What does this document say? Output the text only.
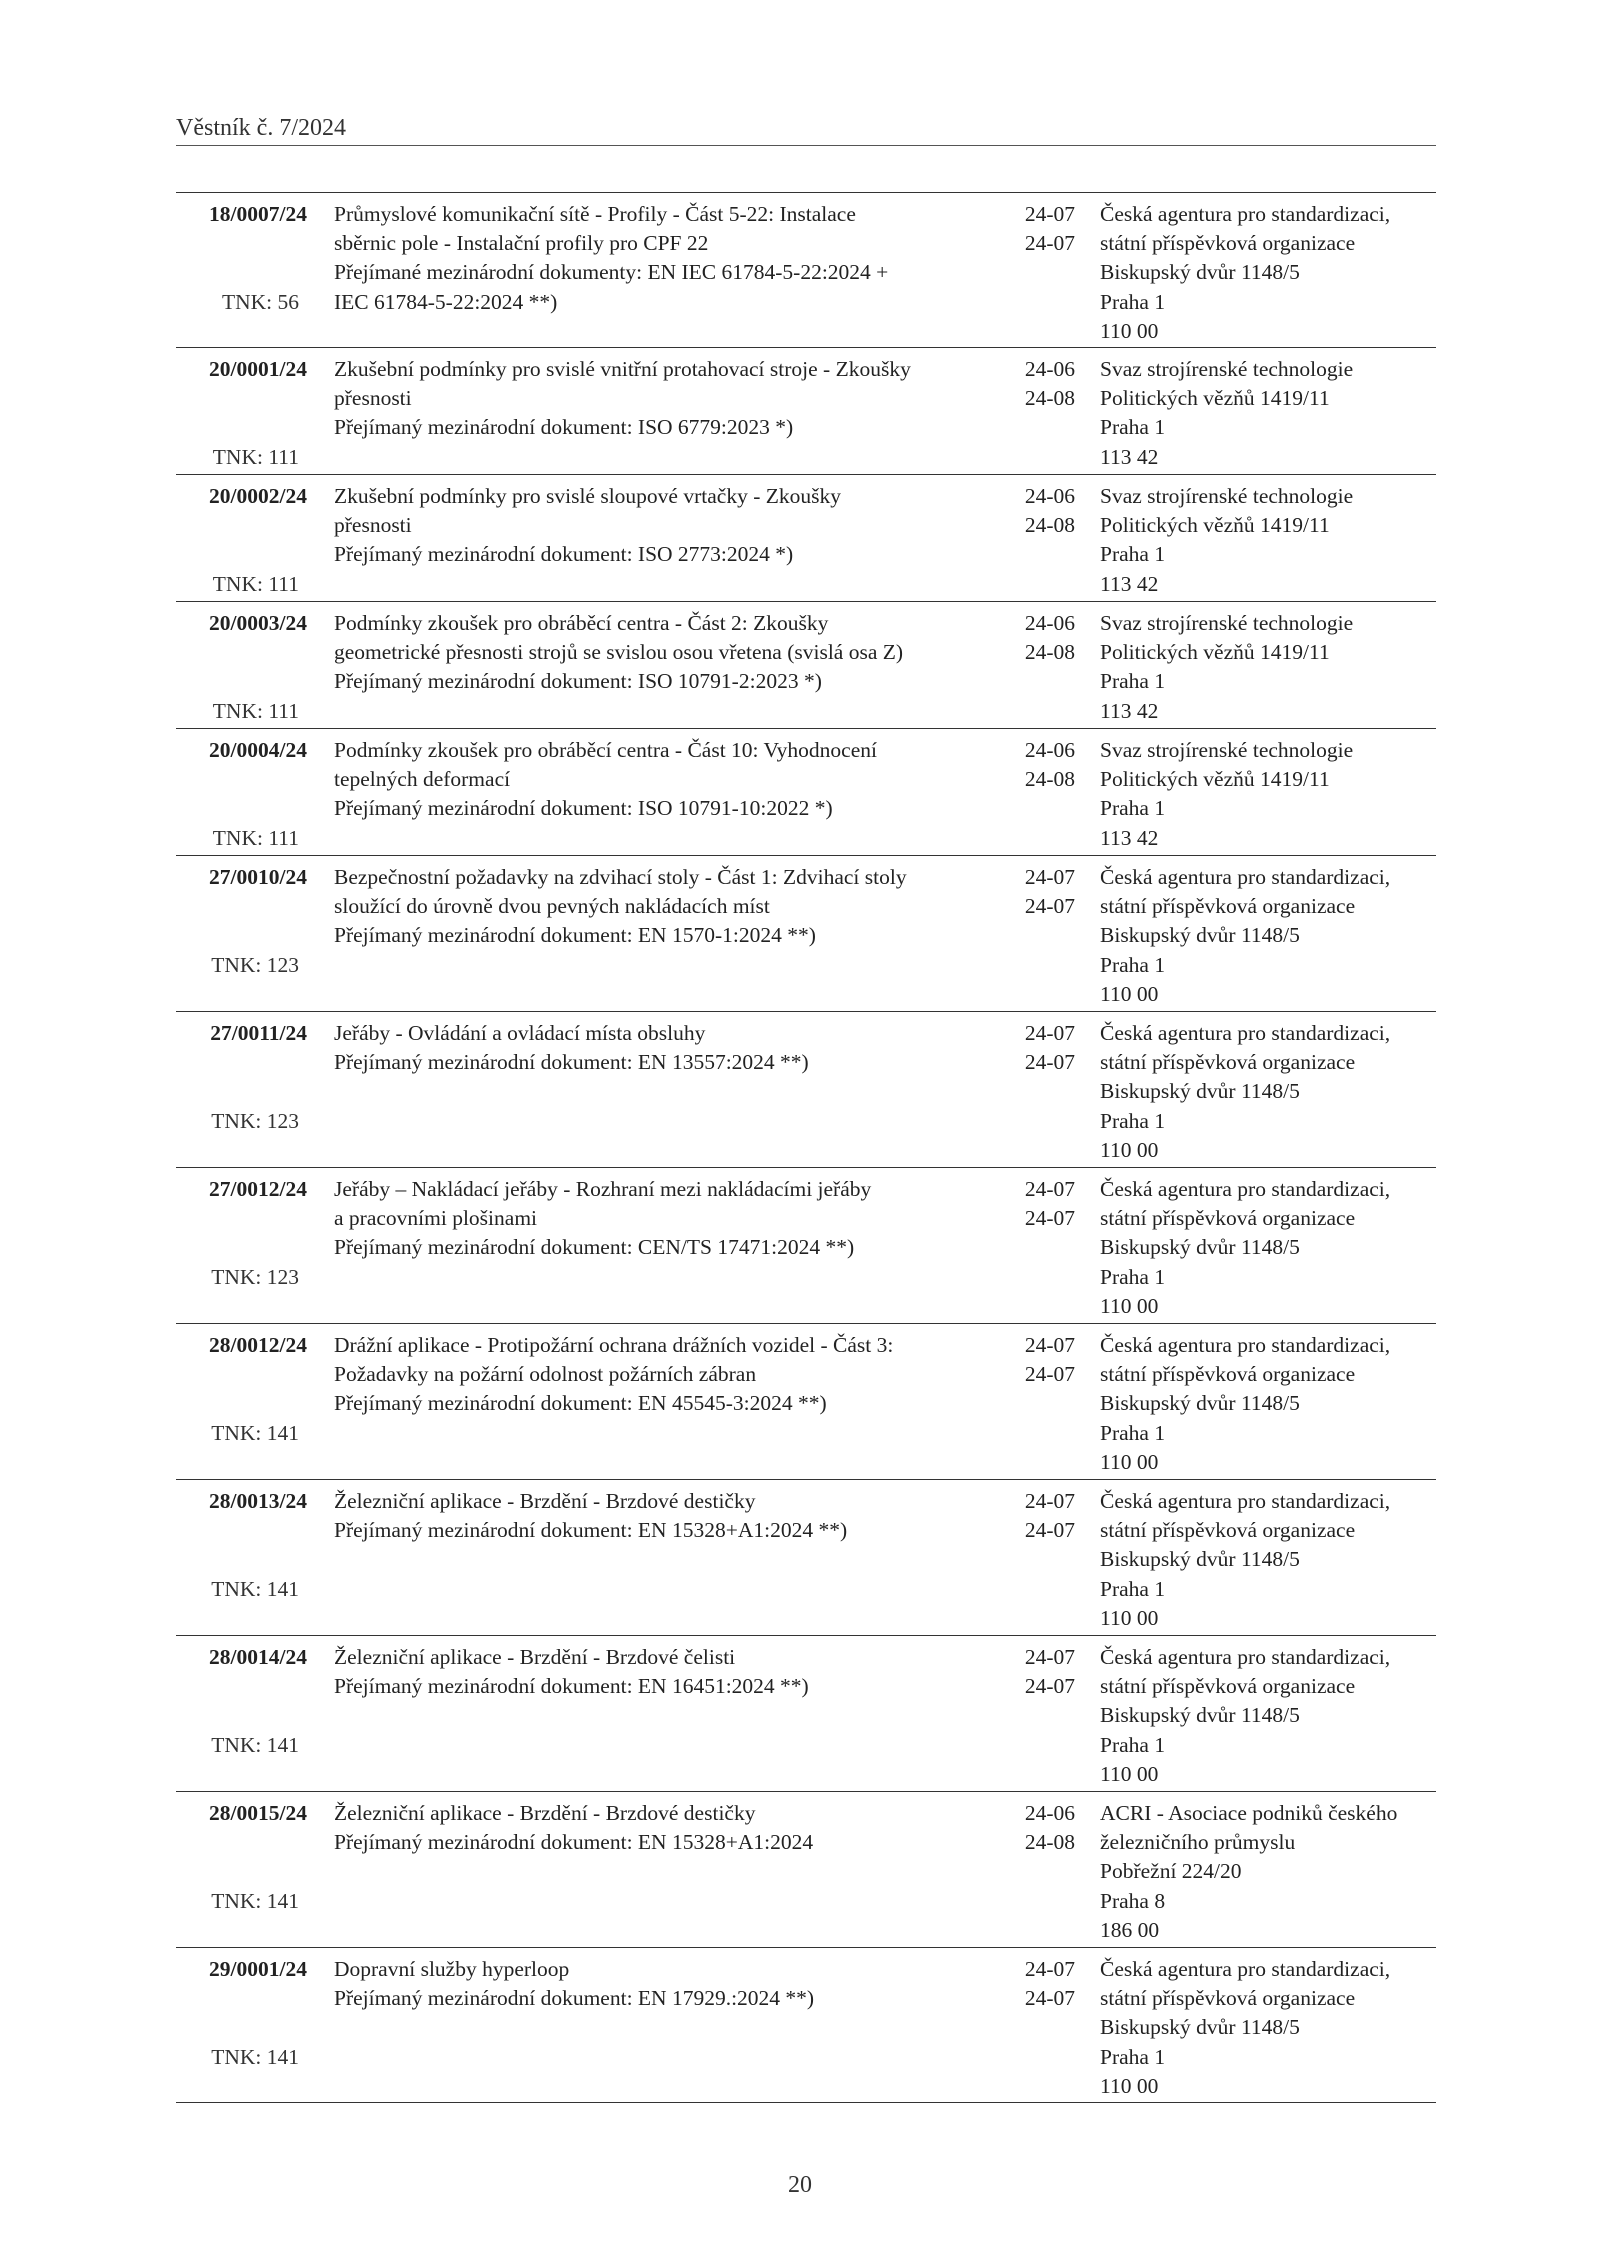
Věstník č. 7/2024
18/0007/24
TNK: 56
Průmyslové komunikační sítě - Profily - Část 5-22: Instalace
sběrnic pole - Instalační profily pro CPF 22
Přejímané mezinárodní dokumenty: EN IEC 61784-5-22:2024 +
IEC 61784-5-22:2024 **)
24-07
24-07
Česká agentura pro standardizaci,
státní příspěvková organizace
Biskupský dvůr 1148/5
Praha 1
110 00
20/0001/24
TNK: 111
Zkušební podmínky pro svislé vnitřní protahovací stroje - Zkoušky
přesnosti
Přejímaný mezinárodní dokument: ISO 6779:2023 *)
24-06
24-08
Svaz strojírenské technologie
Politických vězňů 1419/11
Praha 1
113 42
20/0002/24
TNK: 111
Zkušební podmínky pro svislé sloupové vrtačky - Zkoušky
přesnosti
Přejímaný mezinárodní dokument: ISO 2773:2024 *)
24-06
24-08
Svaz strojírenské technologie
Politických vězňů 1419/11
Praha 1
113 42
20/0003/24
TNK: 111
Podmínky zkoušek pro obráběcí centra - Část 2: Zkoušky
geometrické přesnosti strojů se svislou osou vřetena (svislá osa Z)
Přejímaný mezinárodní dokument: ISO 10791-2:2023 *)
24-06
24-08
Svaz strojírenské technologie
Politických vězňů 1419/11
Praha 1
113 42
20/0004/24
TNK: 111
Podmínky zkoušek pro obráběcí centra - Část 10: Vyhodnocení
tepelných deformací
Přejímaný mezinárodní dokument: ISO 10791-10:2022 *)
24-06
24-08
Svaz strojírenské technologie
Politických vězňů 1419/11
Praha 1
113 42
27/0010/24
TNK: 123
Bezpečnostní požadavky na zdvihací stoly - Část 1: Zdvihací stoly
sloužící do úrovně dvou pevných nakládacích míst
Přejímaný mezinárodní dokument: EN 1570-1:2024 **)
24-07
24-07
Česká agentura pro standardizaci,
státní příspěvková organizace
Biskupský dvůr 1148/5
Praha 1
110 00
27/0011/24
TNK: 123
Jeřáby - Ovládání a ovládací místa obsluhy
Přejímaný mezinárodní dokument: EN 13557:2024 **)
24-07
24-07
Česká agentura pro standardizaci,
státní příspěvková organizace
Biskupský dvůr 1148/5
Praha 1
110 00
27/0012/24
TNK: 123
Jeřáby – Nakládací jeřáby - Rozhraní mezi nakládacími jeřáby
a pracovními plošinami
Přejímaný mezinárodní dokument: CEN/TS 17471:2024 **)
24-07
24-07
Česká agentura pro standardizaci,
státní příspěvková organizace
Biskupský dvůr 1148/5
Praha 1
110 00
28/0012/24
TNK: 141
Drážní aplikace - Protipožární ochrana drážních vozidel - Část 3:
Požadavky na požární odolnost požárních zábran
Přejímaný mezinárodní dokument: EN 45545-3:2024 **)
24-07
24-07
Česká agentura pro standardizaci,
státní příspěvková organizace
Biskupský dvůr 1148/5
Praha 1
110 00
28/0013/24
TNK: 141
Železniční aplikace - Brzdění - Brzdové destičky
Přejímaný mezinárodní dokument: EN 15328+A1:2024 **)
24-07
24-07
Česká agentura pro standardizaci,
státní příspěvková organizace
Biskupský dvůr 1148/5
Praha 1
110 00
28/0014/24
TNK: 141
Železniční aplikace - Brzdění - Brzdové čelisti
Přejímaný mezinárodní dokument: EN 16451:2024 **)
24-07
24-07
Česká agentura pro standardizaci,
státní příspěvková organizace
Biskupský dvůr 1148/5
Praha 1
110 00
28/0015/24
TNK: 141
Železniční aplikace - Brzdění - Brzdové destičky
Přejímaný mezinárodní dokument: EN 15328+A1:2024
24-06
24-08
ACRI - Asociace podniků českého
železničního průmyslu
Pobřežní 224/20
Praha 8
186 00
29/0001/24
TNK: 141
Dopravní služby hyperloop
Přejímaný mezinárodní dokument: EN 17929.:2024 **)
24-07
24-07
Česká agentura pro standardizaci,
státní příspěvková organizace
Biskupský dvůr 1148/5
Praha 1
110 00
20
